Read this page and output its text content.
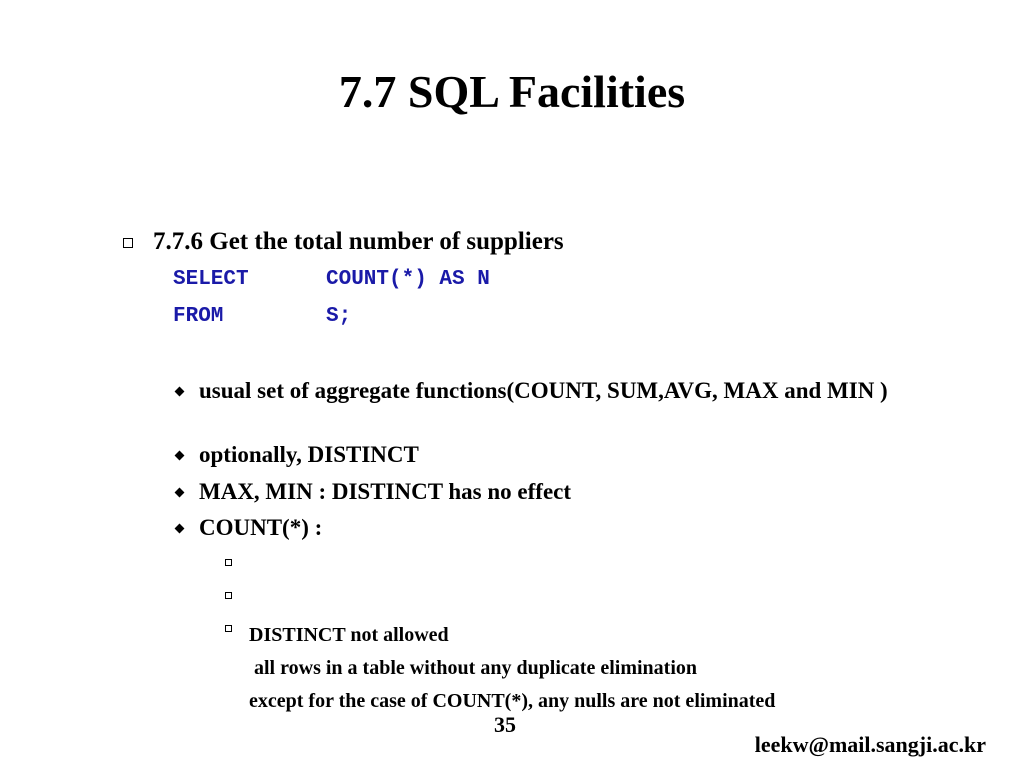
7.7 SQL Facilities
7.7.6 Get the total number of suppliers
SELECT	COUNT(*) AS N
FROM	S;
usual set of aggregate functions(COUNT, SUM,AVG, MAX and MIN )
optionally, DISTINCT
MAX, MIN : DISTINCT has no effect
COUNT(*) :

DISTINCT not allowed

all rows in a table without any duplicate elimination

except for the case of COUNT(*), any nulls are not eliminated

35
leekw@mail.sangji.ac.kr
